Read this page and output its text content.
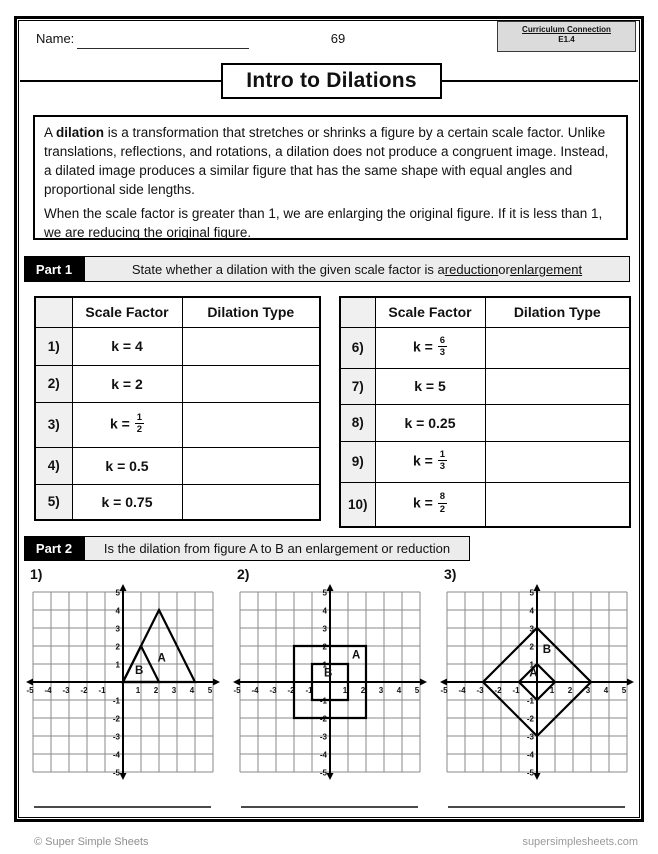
Name:	69
Curriculum Connection
E1.4
Intro to Dilations

A dilation is a transformation that stretches or shrinks a figure by a certain scale factor. Unlike translations, reflections, and rotations, a dilation does not produce a congruent image. Instead, a dilated image produces a similar figure that has the same shape with equal angles and proportional side lengths.

When the scale factor is greater than 1, we are enlarging the original figure. If it is less than 1, we are reducing the original figure.

Part 1	State whether a dilation with the given scale factor is a reduction or enlargement
	Scale Factor	Dilation Type
1)	k = 4	
2)	k = 2	
3)	$k = \frac{1}{2}$

4)	k = 0.5	
5)	k = 0.75	
	Scale Factor	Dilation Type
6)	$k = \frac{6}{3}$

7)	k = 5	
8)	k = 0.25	
9)	$k = \frac{1}{3}$

10)	$k = \frac{8}{2}$

Part 2	Is the dilation from figure A to B an enlargement or reduction
1)	2)	3)
-5
-5
-4
-4
-3
-3
-2
-2
-1
-1
1
1
2
2
3
3
4
4
5
5
A
B
-5
-5
-4
-4
-3
-3
-2
-2
-1
-1
1
1
2
2
3
3
4
4
5
5
A
B
-5
-5
-4
-4
-3
-3
-2
-2
-1
-1
1
1
2
2
3
3
4
4
5
5
B
A
© Super Simple Sheets	supersimplesheets.com
